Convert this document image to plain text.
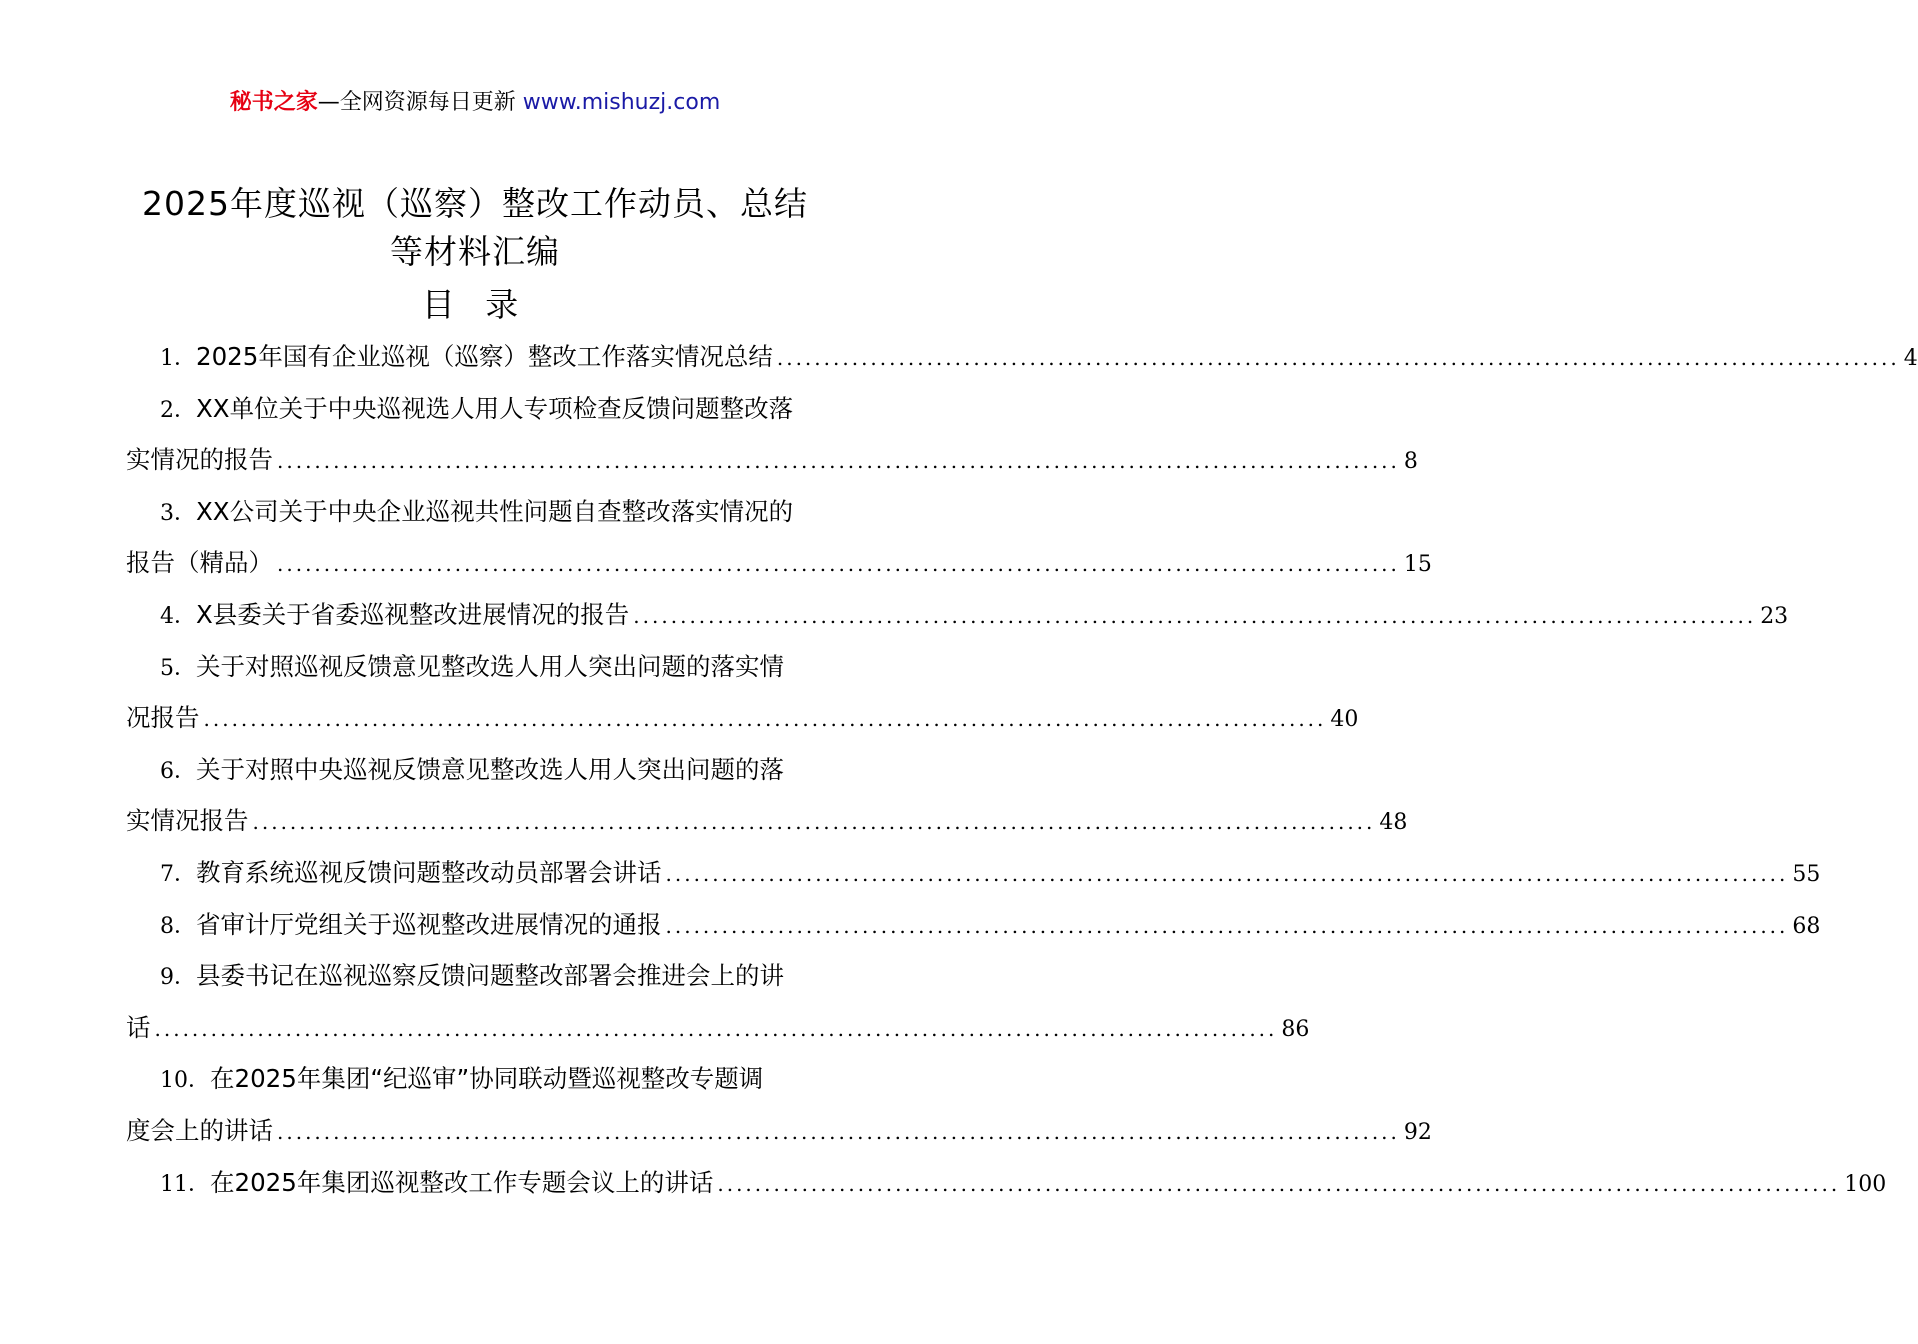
秘书之家—全网资源每日更新 www.mishuzj.com
2025年度巡视（巡察）整改工作动员、总结
等材料汇编
目 录
1． 2025年国有企业巡视（巡察）整改工作落实情况总结 ........................................................................................................................ 4
2． XX单位关于中央巡视选人用人专项检查反馈问题整改落
实情况的报告 ........................................................................................................................ 8
3． XX公司关于中央企业巡视共性问题自查整改落实情况的
报告（精品） ........................................................................................................................ 15
4． X县委关于省委巡视整改进展情况的报告 ........................................................................................................................ 23
5． 关于对照巡视反馈意见整改选人用人突出问题的落实情
况报告 ........................................................................................................................ 40
6． 关于对照中央巡视反馈意见整改选人用人突出问题的落
实情况报告 ........................................................................................................................ 48
7． 教育系统巡视反馈问题整改动员部署会讲话 ........................................................................................................................ 55
8． 省审计厅党组关于巡视整改进展情况的通报 ........................................................................................................................ 68
9． 县委书记在巡视巡察反馈问题整改部署会推进会上的讲
话 ........................................................................................................................ 86
10． 在2025年集团“纪巡审”协同联动暨巡视整改专题调
度会上的讲话 ........................................................................................................................ 92
11． 在2025年集团巡视整改工作专题会议上的讲话 ........................................................................................................................ 100
